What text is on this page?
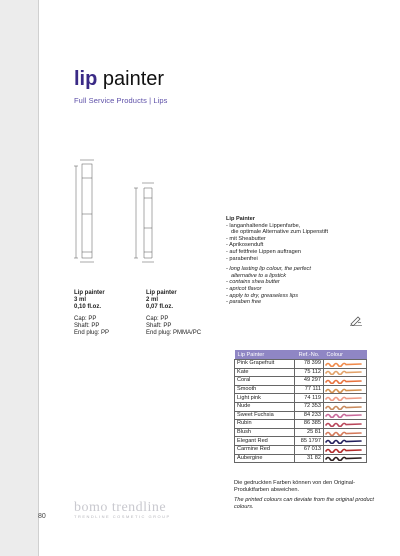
lip painter
Full Service Products | Lips
Lip painter
3 ml
0,10 fl.oz.
Cap: PP
Shaft: PP
End plug: PP
Lip painter
2 ml
0,07 fl.oz.
Cap: PP
Shaft: PP
End plug: PMMA/PC
Lip Painter
- langanhaltende Lippenfarbe,
die optimale Alternative zum Lippenstift
- mit Sheabutter
- Aprikosenduft
- auf fettfreie Lippen auftragen
- parabenfrei
- long lasting lip colour, the perfect
alternative to a lipstick
- contains shea butter
- apricot flavor
- apply to dry, greaseless lips
- paraben free
Lip Painter	Ref.-No.	Colour
Pink Grapefruit	78 399	

Kate	75 112	

Coral	49 297	

Smooth	77 111	

Light pink	74 119	

Nude	72 353	

Sweet Fuchsia	84 233	

Rubin	86 385	

Blush	25 81	

Elegant Red	85 1797	

Carmine Red	67 013	

Aubergine	31 82	
Die gedruckten Farben können von den Original-Produktfarben abweichen.
The printed colours can deviate from the original product colours.
80
bomo trendline
TRENDLINE COSMETIC GROUP
